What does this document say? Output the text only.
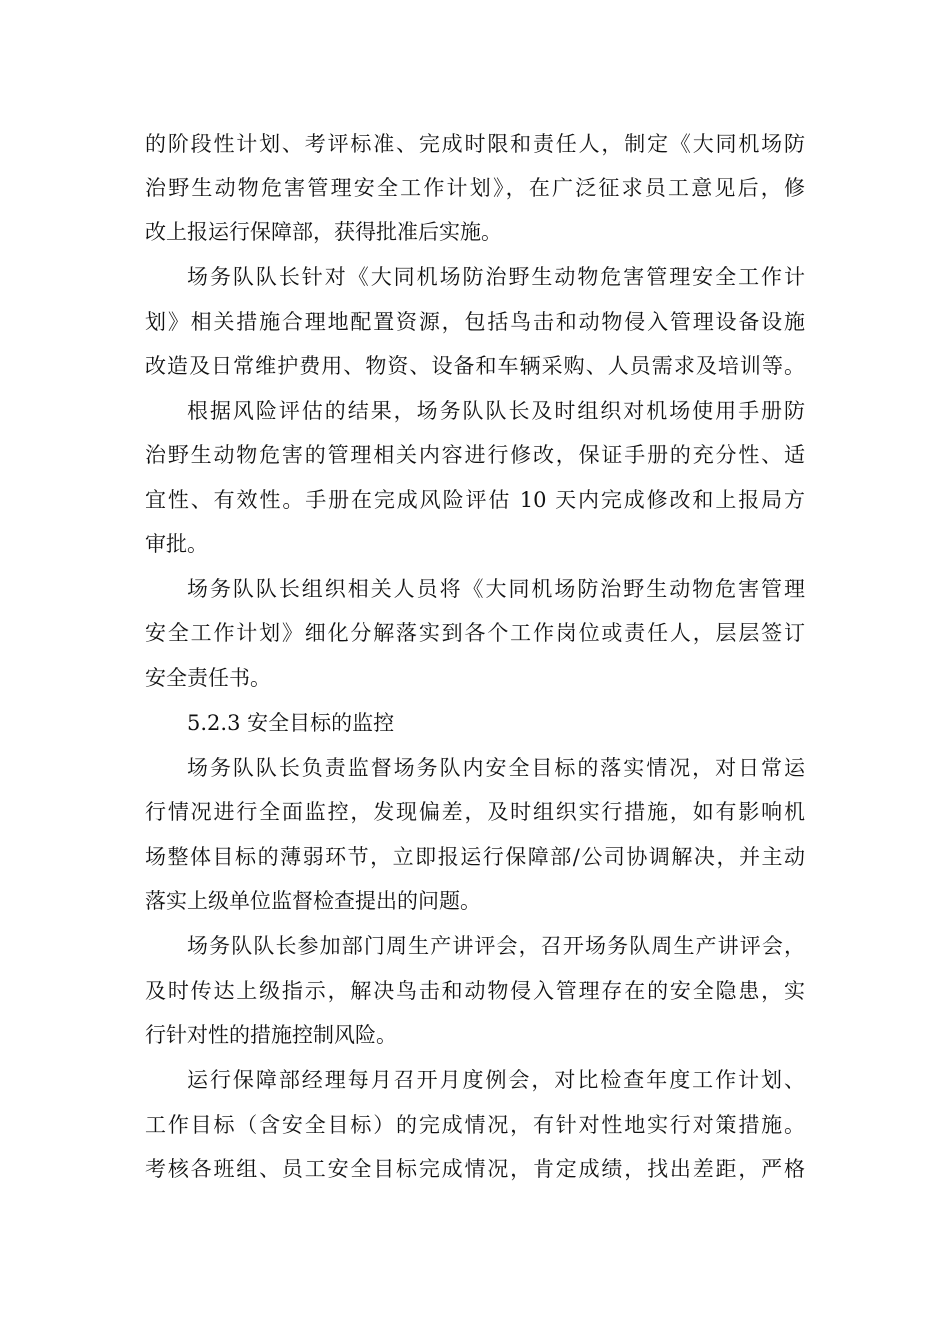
的阶段性计划、考评标准、完成时限和责任人，制定《大同机场防
治野生动物危害管理安全工作计划》，在广泛征求员工意见后，修
改上报运行保障部，获得批准后实施。
场务队队长针对《大同机场防治野生动物危害管理安全工作计
划》相关措施合理地配置资源，包括鸟击和动物侵入管理设备设施
改造及日常维护费用、物资、设备和车辆采购、人员需求及培训等。
根据风险评估的结果，场务队队长及时组织对机场使用手册防
治野生动物危害的管理相关内容进行修改，保证手册的充分性、适
宜性、有效性。手册在完成风险评估 10 天内完成修改和上报局方
审批。
场务队队长组织相关人员将《大同机场防治野生动物危害管理
安全工作计划》细化分解落实到各个工作岗位或责任人，层层签订
安全责任书。
5.2.3 安全目标的监控
场务队队长负责监督场务队内安全目标的落实情况，对日常运
行情况进行全面监控，发现偏差，及时组织实行措施，如有影响机
场整体目标的薄弱环节，立即报运行保障部/公司协调解决，并主动
落实上级单位监督检查提出的问题。
场务队队长参加部门周生产讲评会，召开场务队周生产讲评会，
及时传达上级指示，解决鸟击和动物侵入管理存在的安全隐患，实
行针对性的措施控制风险。
运行保障部经理每月召开月度例会，对比检查年度工作计划、
工作目标（含安全目标）的完成情况，有针对性地实行对策措施。
考核各班组、员工安全目标完成情况，肯定成绩，找出差距，严格
